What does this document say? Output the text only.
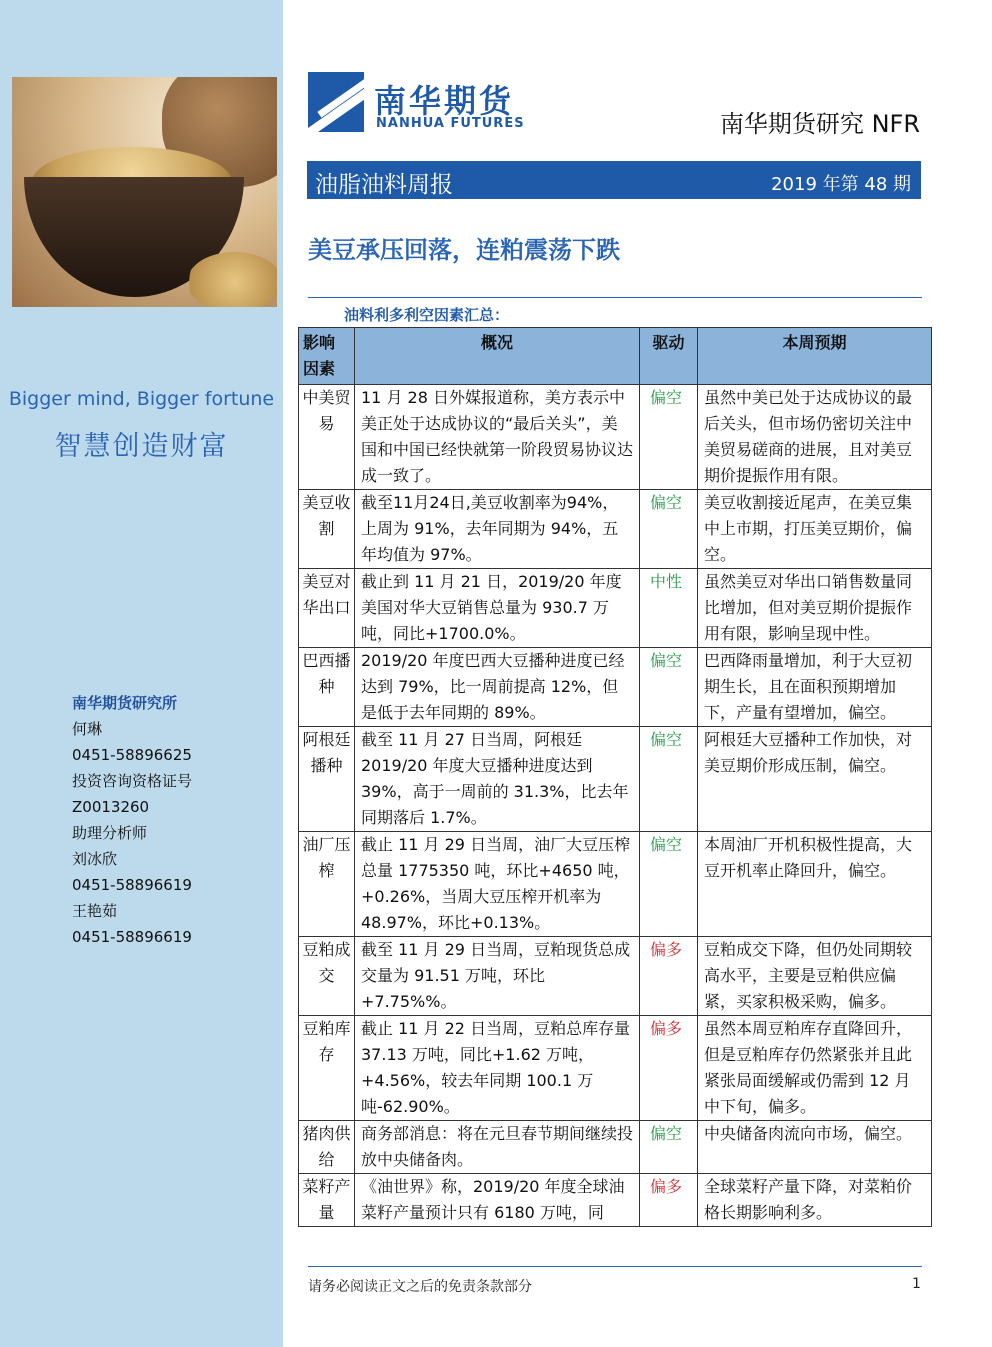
Bigger mind, Bigger fortune
智慧创造财富
南华期货研究所
何琳
0451-58896625
投资咨询资格证号
Z0013260
助理分析师
刘冰欣
0451-58896619
王艳茹
0451-58896619
南华期货
NANHUA FUTURES	南华期货研究 NFR
油脂油料周报	2019 年第 48 期
美豆承压回落，连粕震荡下跌
油料利多利空因素汇总：
影响因素	概况	驱动	本周预期
中美贸易	11 月 28 日外媒报道称，美方表示中美正处于达成协议的“最后关头”，美国和中国已经快就第一阶段贸易协议达成一致了。	偏空	虽然中美已处于达成协议的最后关头，但市场仍密切关注中美贸易磋商的进展，且对美豆期价提振作用有限。
美豆收割	截至11月24日,美豆收割率为94%，上周为 91%，去年同期为 94%，五年均值为 97%。	偏空	美豆收割接近尾声，在美豆集中上市期，打压美豆期价，偏空。
美豆对华出口	截止到 11 月 21 日，2019/20 年度美国对华大豆销售总量为 930.7 万吨，同比+1700.0%。	中性	虽然美豆对华出口销售数量同比增加，但对美豆期价提振作用有限，影响呈现中性。
巴西播种	2019/20 年度巴西大豆播种进度已经达到 79%，比一周前提高 12%，但是低于去年同期的 89%。	偏空	巴西降雨量增加，利于大豆初期生长，且在面积预期增加下，产量有望增加，偏空。
阿根廷播种	截至 11 月 27 日当周，阿根廷 2019/20 年度大豆播种进度达到 39%，高于一周前的 31.3%，比去年同期落后 1.7%。	偏空	阿根廷大豆播种工作加快，对美豆期价形成压制，偏空。
油厂压榨	截止 11 月 29 日当周，油厂大豆压榨总量 1775350 吨，环比+4650 吨，+0.26%，当周大豆压榨开机率为 48.97%，环比+0.13%。	偏空	本周油厂开机积极性提高，大豆开机率止降回升，偏空。
豆粕成交	截至 11 月 29 日当周，豆粕现货总成交量为 91.51 万吨，环比+7.75%%。	偏多	豆粕成交下降，但仍处同期较高水平，主要是豆粕供应偏紧，买家积极采购，偏多。
豆粕库存	截止 11 月 22 日当周，豆粕总库存量 37.13 万吨，同比+1.62 万吨，+4.56%，较去年同期 100.1 万吨-62.90%。	偏多	虽然本周豆粕库存直降回升，但是豆粕库存仍然紧张并且此紧张局面缓解或仍需到 12 月中下旬，偏多。
猪肉供给	商务部消息：将在元旦春节期间继续投放中央储备肉。	偏空	中央储备肉流向市场，偏空。
菜籽产量	《油世界》称，2019/20 年度全球油菜籽产量预计只有 6180 万吨，同	偏多	全球菜籽产量下降，对菜粕价格长期影响利多。
请务必阅读正文之后的免责条款部分	1
